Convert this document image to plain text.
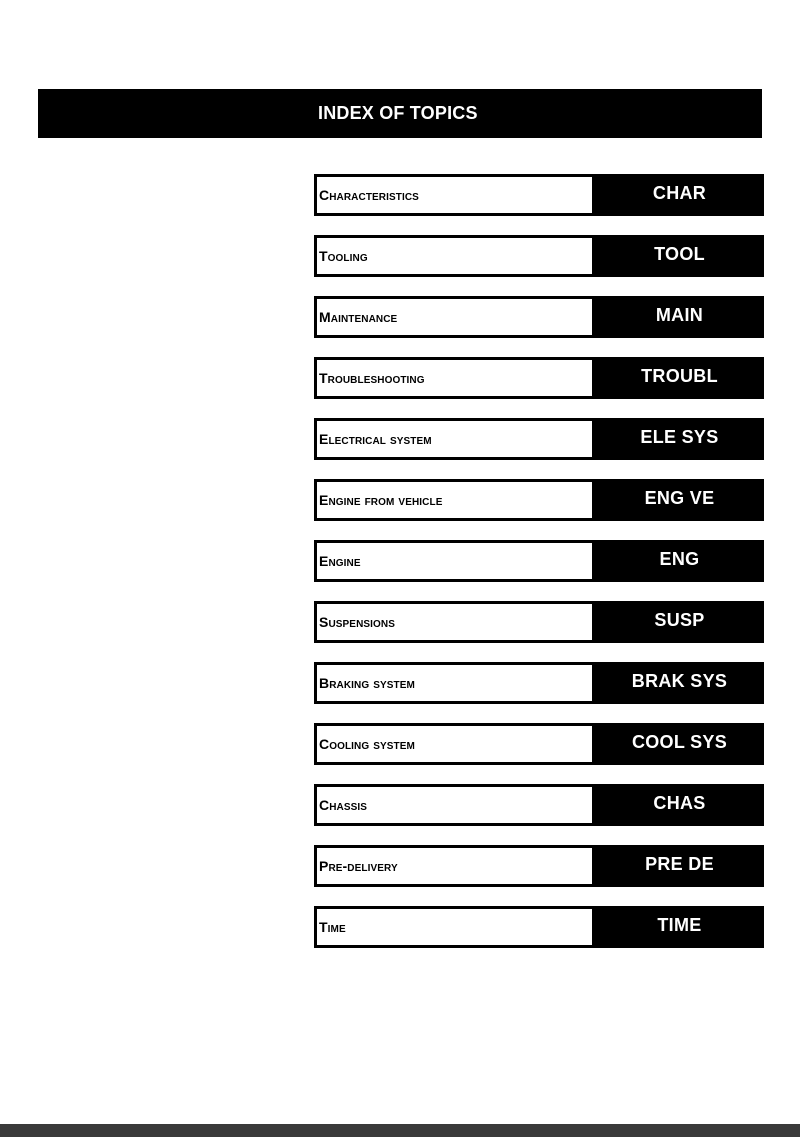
INDEX OF TOPICS
Characteristics	CHAR
Tooling	TOOL
Maintenance	MAIN
Troubleshooting	TROUBL
Electrical system	ELE SYS
Engine from vehicle	ENG VE
Engine	ENG
Suspensions	SUSP
Braking system	BRAK SYS
Cooling system	COOL SYS
Chassis	CHAS
Pre-delivery	PRE DE
Time	TIME
